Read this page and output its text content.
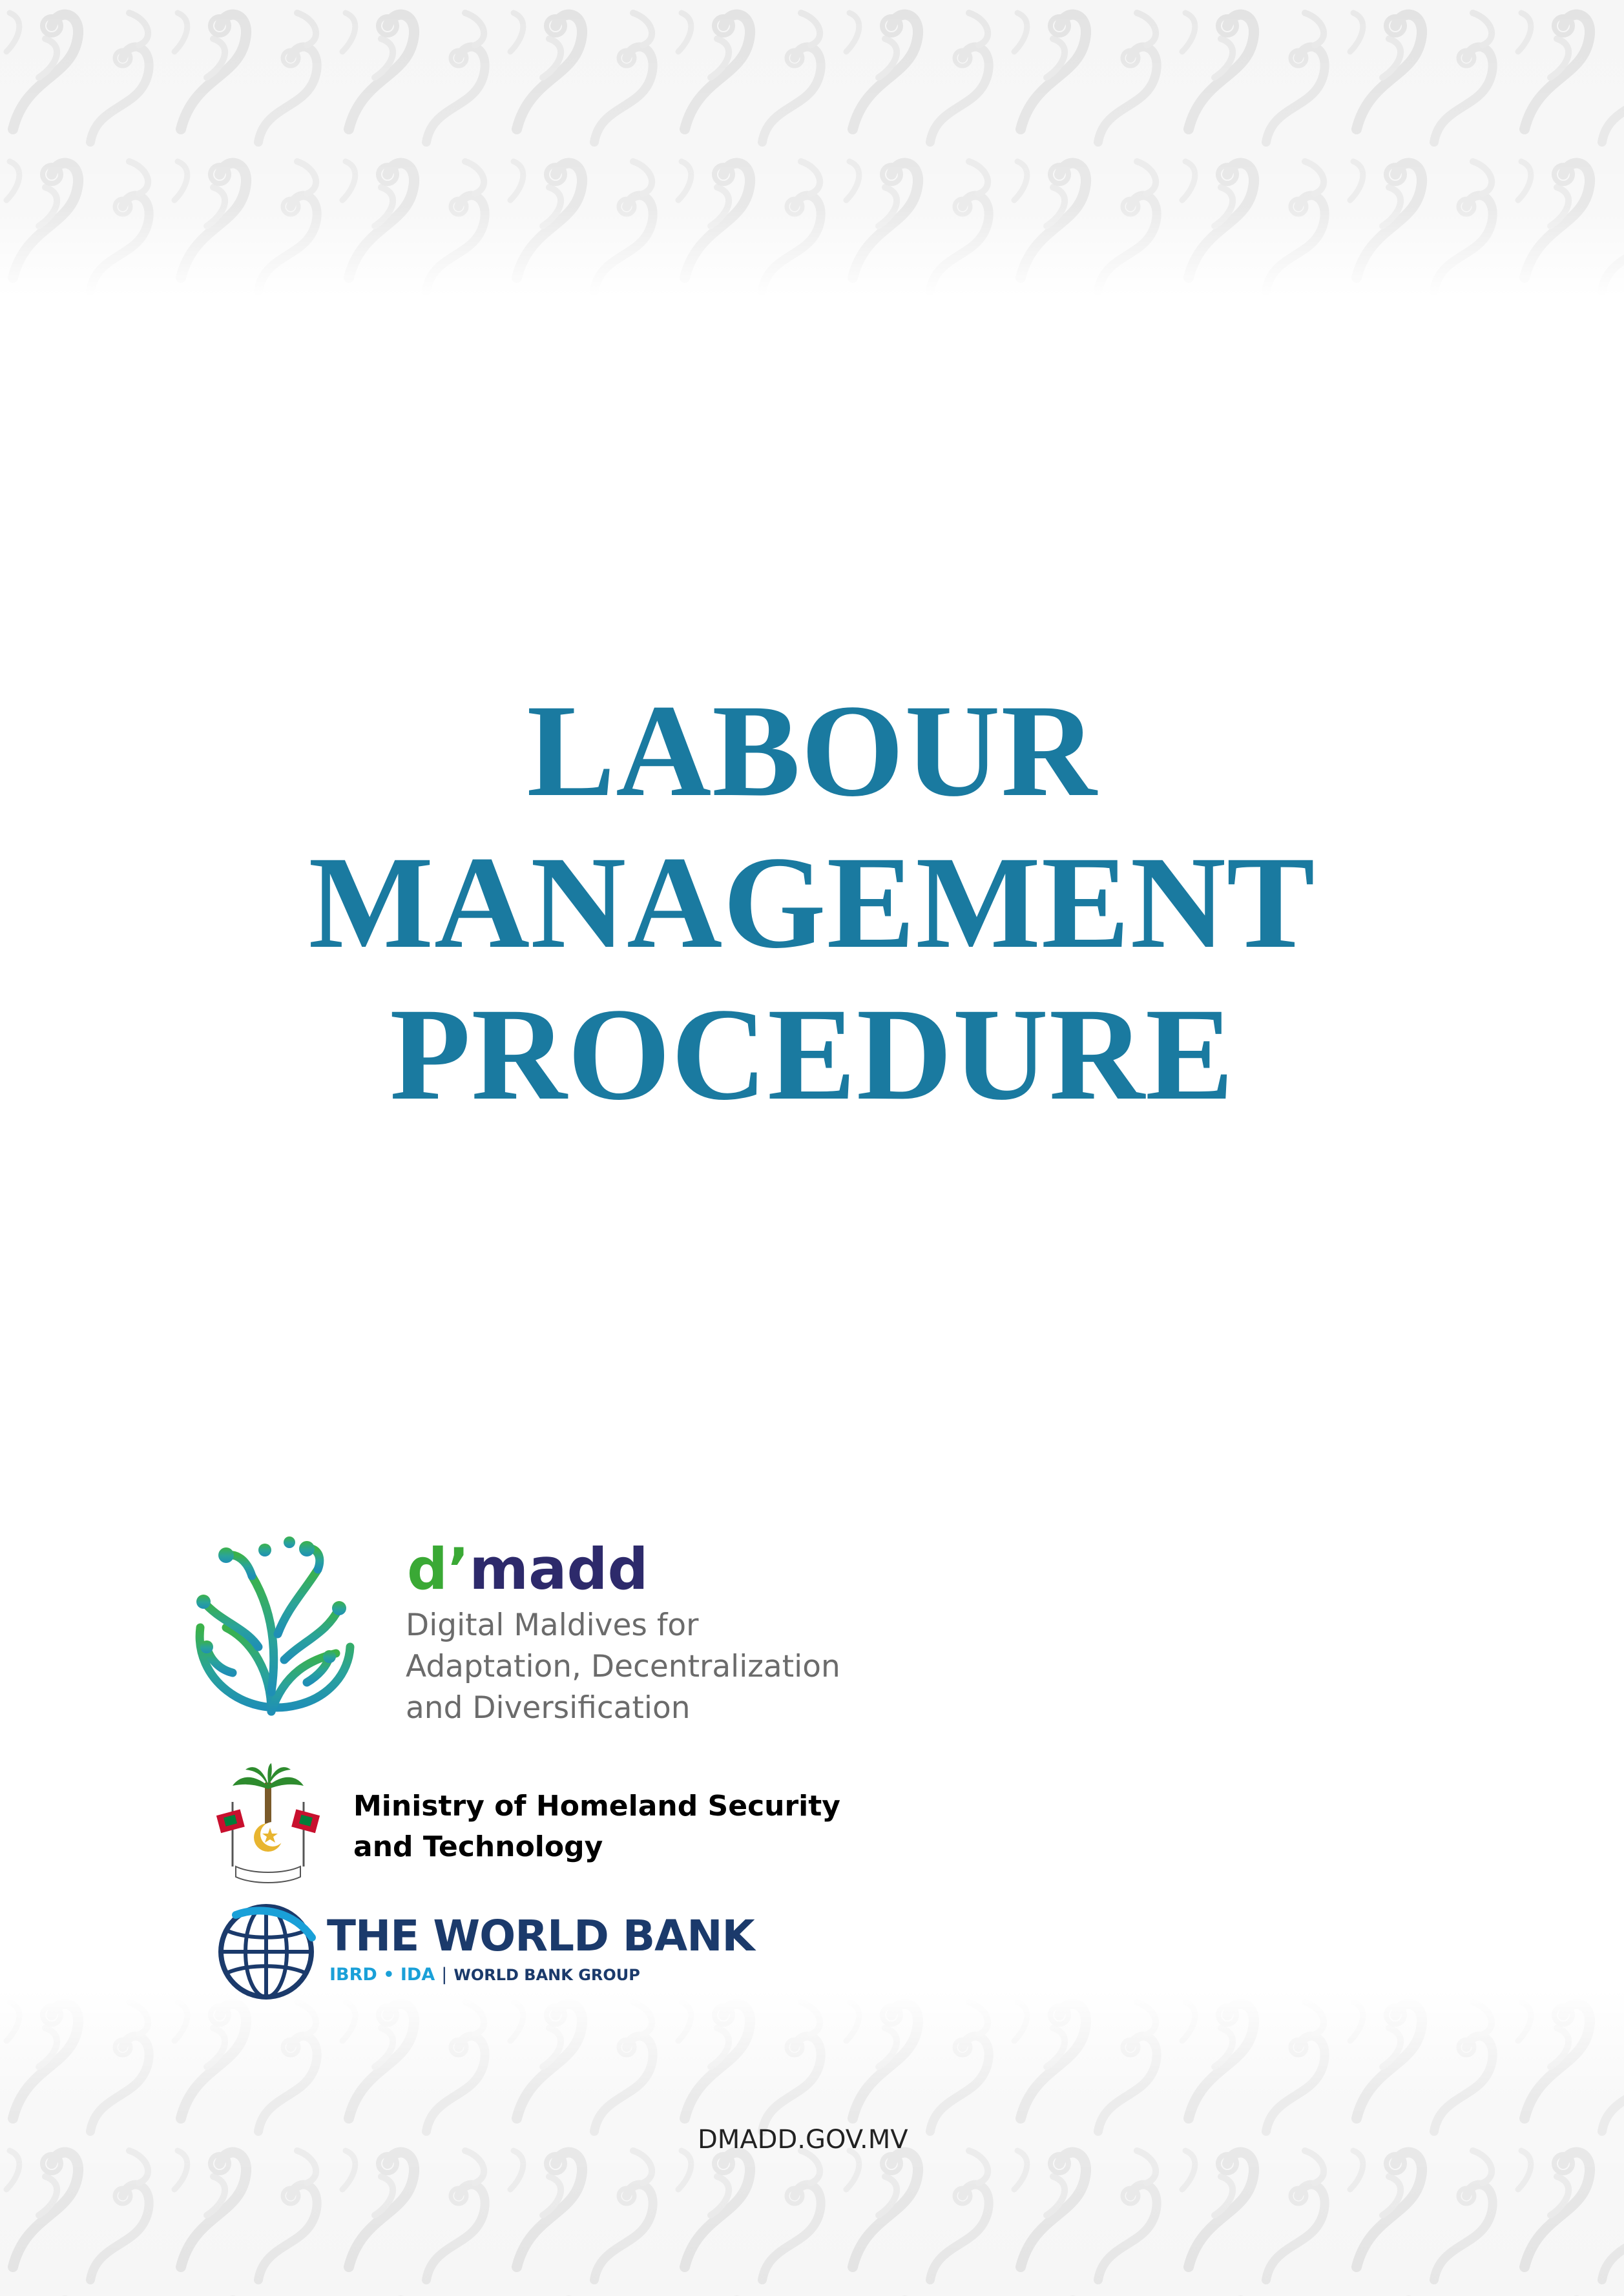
LABOUR
MANAGEMENT
PROCEDURE
d’madd
Digital Maldives for
Adaptation, Decentralization
and Diversification
Ministry of Homeland Security
and Technology
THE WORLD BANK
IBRD • IDA | WORLD BANK GROUP
DMADD.GOV.MV
